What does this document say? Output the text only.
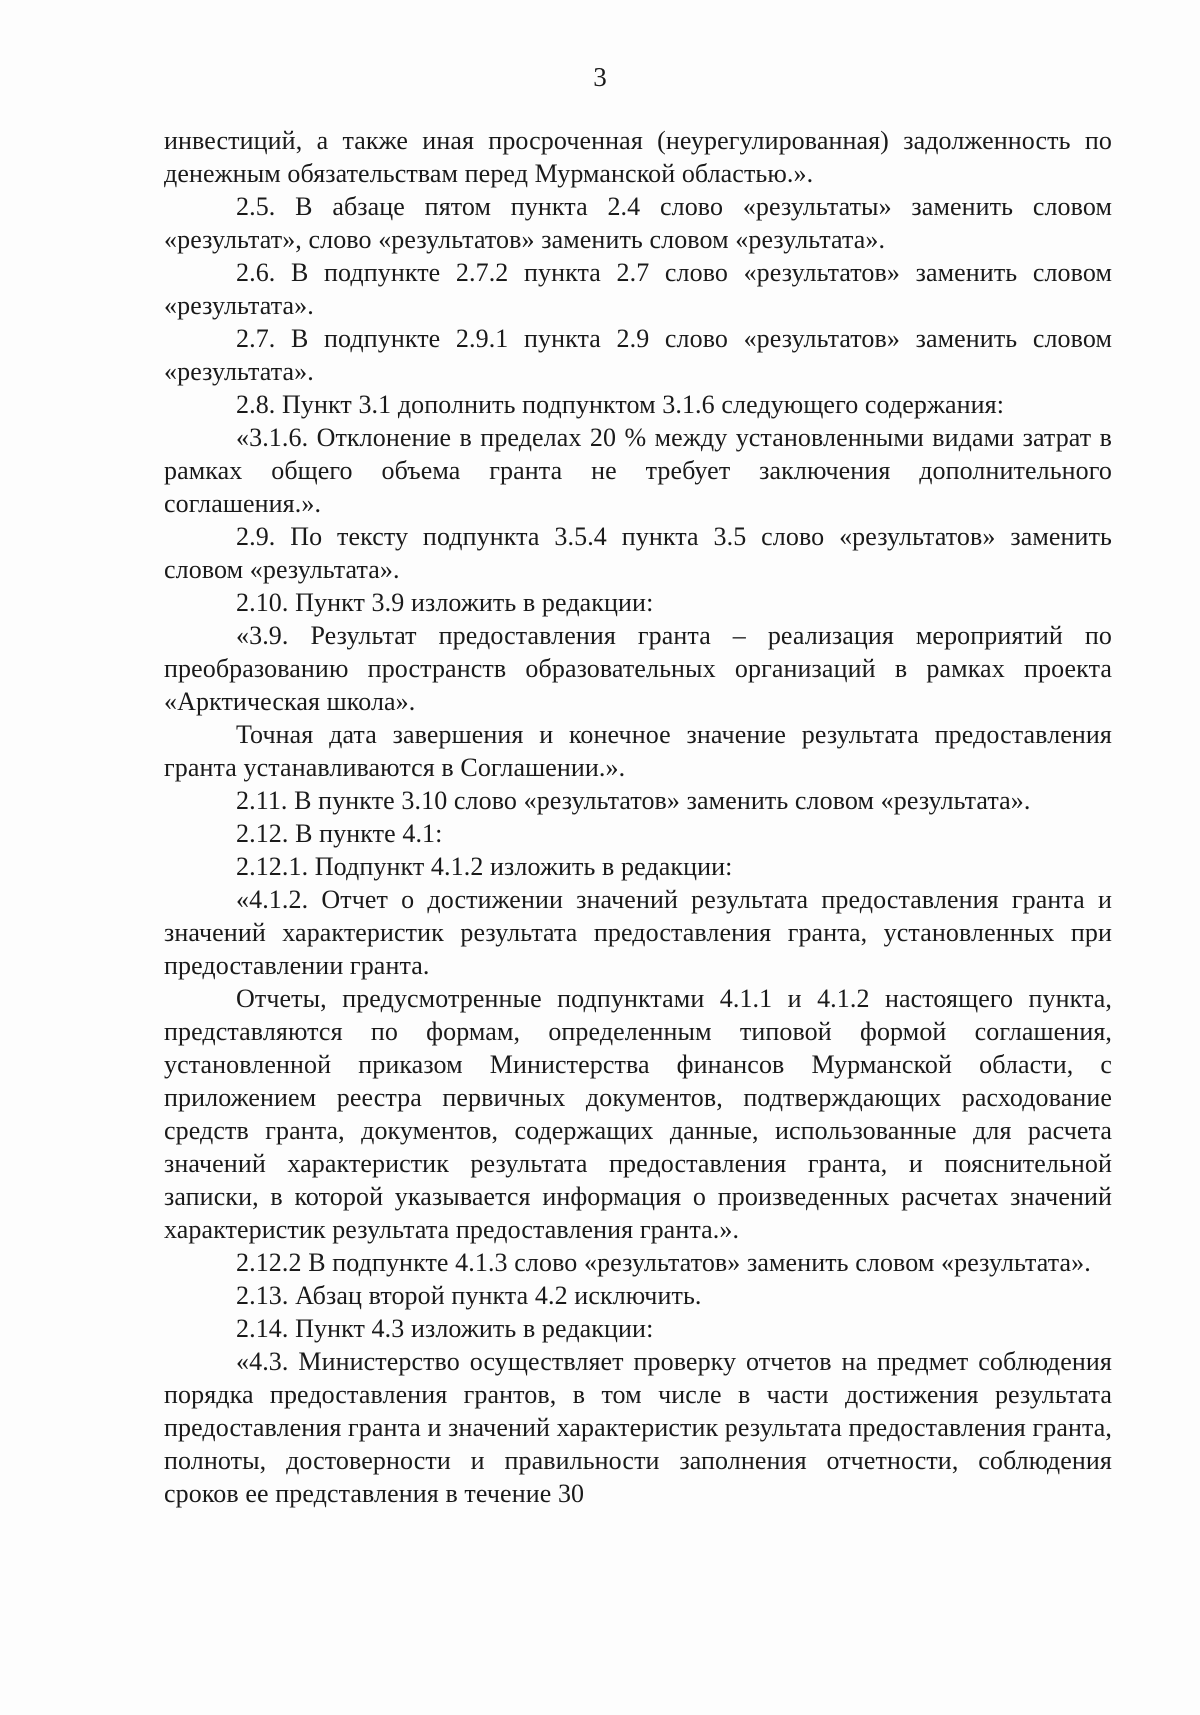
3

инвестиций, а также иная просроченная (неурегулированная) задолженность по денежным обязательствам перед Мурманской областью.».

2.5. В абзаце пятом пункта 2.4 слово «результаты» заменить словом «результат», слово «результатов» заменить словом «результата».

2.6. В подпункте 2.7.2 пункта 2.7 слово «результатов» заменить словом «результата».

2.7. В подпункте 2.9.1 пункта 2.9 слово «результатов» заменить словом «результата».

2.8. Пункт 3.1 дополнить подпунктом 3.1.6 следующего содержания:

«3.1.6. Отклонение в пределах 20 % между установленными видами затрат в рамках общего объема гранта не требует заключения дополнительного соглашения.».

2.9. По тексту подпункта 3.5.4 пункта 3.5 слово «результатов» заменить словом «результата».

2.10. Пункт 3.9 изложить в редакции:

«3.9. Результат предоставления гранта – реализация мероприятий по преобразованию пространств образовательных организаций в рамках проекта «Арктическая школа».

Точная дата завершения и конечное значение результата предоставления гранта устанавливаются в Соглашении.».

2.11. В пункте 3.10 слово «результатов» заменить словом «результата».

2.12. В пункте 4.1:

2.12.1. Подпункт 4.1.2 изложить в редакции:

«4.1.2. Отчет о достижении значений результата предоставления гранта и значений характеристик результата предоставления гранта, установленных при предоставлении гранта.

Отчеты, предусмотренные подпунктами 4.1.1 и 4.1.2 настоящего пункта, представляются по формам, определенным типовой формой соглашения, установленной приказом Министерства финансов Мурманской области, с приложением реестра первичных документов, подтверждающих расходование средств гранта, документов, содержащих данные, использованные для расчета значений характеристик результата предоставления гранта, и пояснительной записки, в которой указывается информация о произведенных расчетах значений характеристик результата предоставления гранта.».

2.12.2 В подпункте 4.1.3 слово «результатов» заменить словом «результата».

2.13. Абзац второй пункта 4.2 исключить.

2.14. Пункт 4.3 изложить в редакции:

«4.3. Министерство осуществляет проверку отчетов на предмет соблюдения порядка предоставления грантов, в том числе в части достижения результата предоставления гранта и значений характеристик результата предоставления гранта, полноты, достоверности и правильности заполнения отчетности, соблюдения сроков ее представления в течение 30
